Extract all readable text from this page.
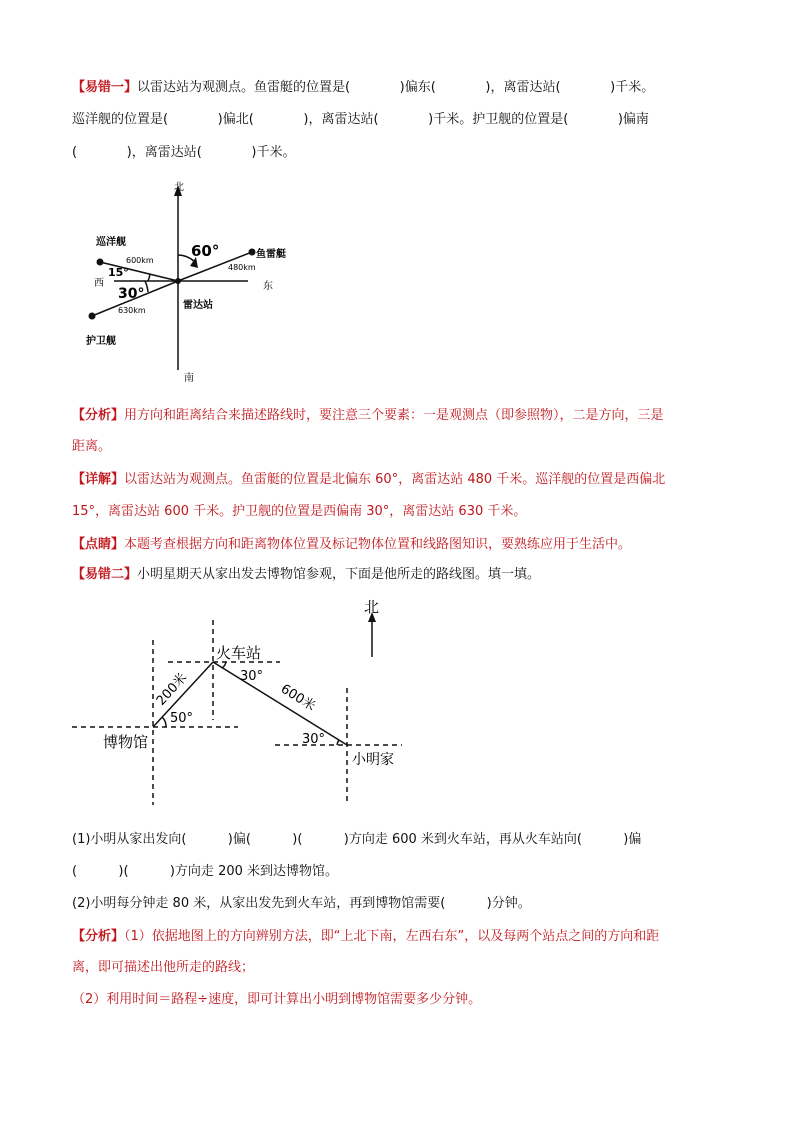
【易错一】以雷达站为观测点。鱼雷艇的位置是(            )偏东(            )，离雷达站(            )千米。
巡洋舰的位置是(            )偏北(            )，离雷达站(            )千米。护卫舰的位置是(            )偏南
(            )，离雷达站(            )千米。
北
南
东
西
雷达站
巡洋舰
鱼雷艇
护卫舰
60°
15°
30°
600km
480km
630km
【分析】用方向和距离结合来描述路线时，要注意三个要素：一是观测点（即参照物），二是方向，三是
距离。
【详解】以雷达站为观测点。鱼雷艇的位置是北偏东 60°，离雷达站 480 千米。巡洋舰的位置是西偏北
15°，离雷达站 600 千米。护卫舰的位置是西偏南 30°，离雷达站 630 千米。
【点睛】本题考查根据方向和距离物体位置及标记物体位置和线路图知识，要熟练应用于生活中。
【易错二】小明星期天从家出发去博物馆参观，下面是他所走的路线图。填一填。
北
火车站
博物馆
小明家
50°
30°
30°
200米	600米
(1)小明从家出发向(          )偏(          )(          )方向走 600 米到火车站，再从火车站向(          )偏
(          )(          )方向走 200 米到达博物馆。
(2)小明每分钟走 80 米，从家出发先到火车站，再到博物馆需要(          )分钟。
【分析】（1）依据地图上的方向辨别方法，即“上北下南，左西右东”，以及每两个站点之间的方向和距
离，即可描述出他所走的路线；
（2）利用时间＝路程÷速度，即可计算出小明到博物馆需要多少分钟。
